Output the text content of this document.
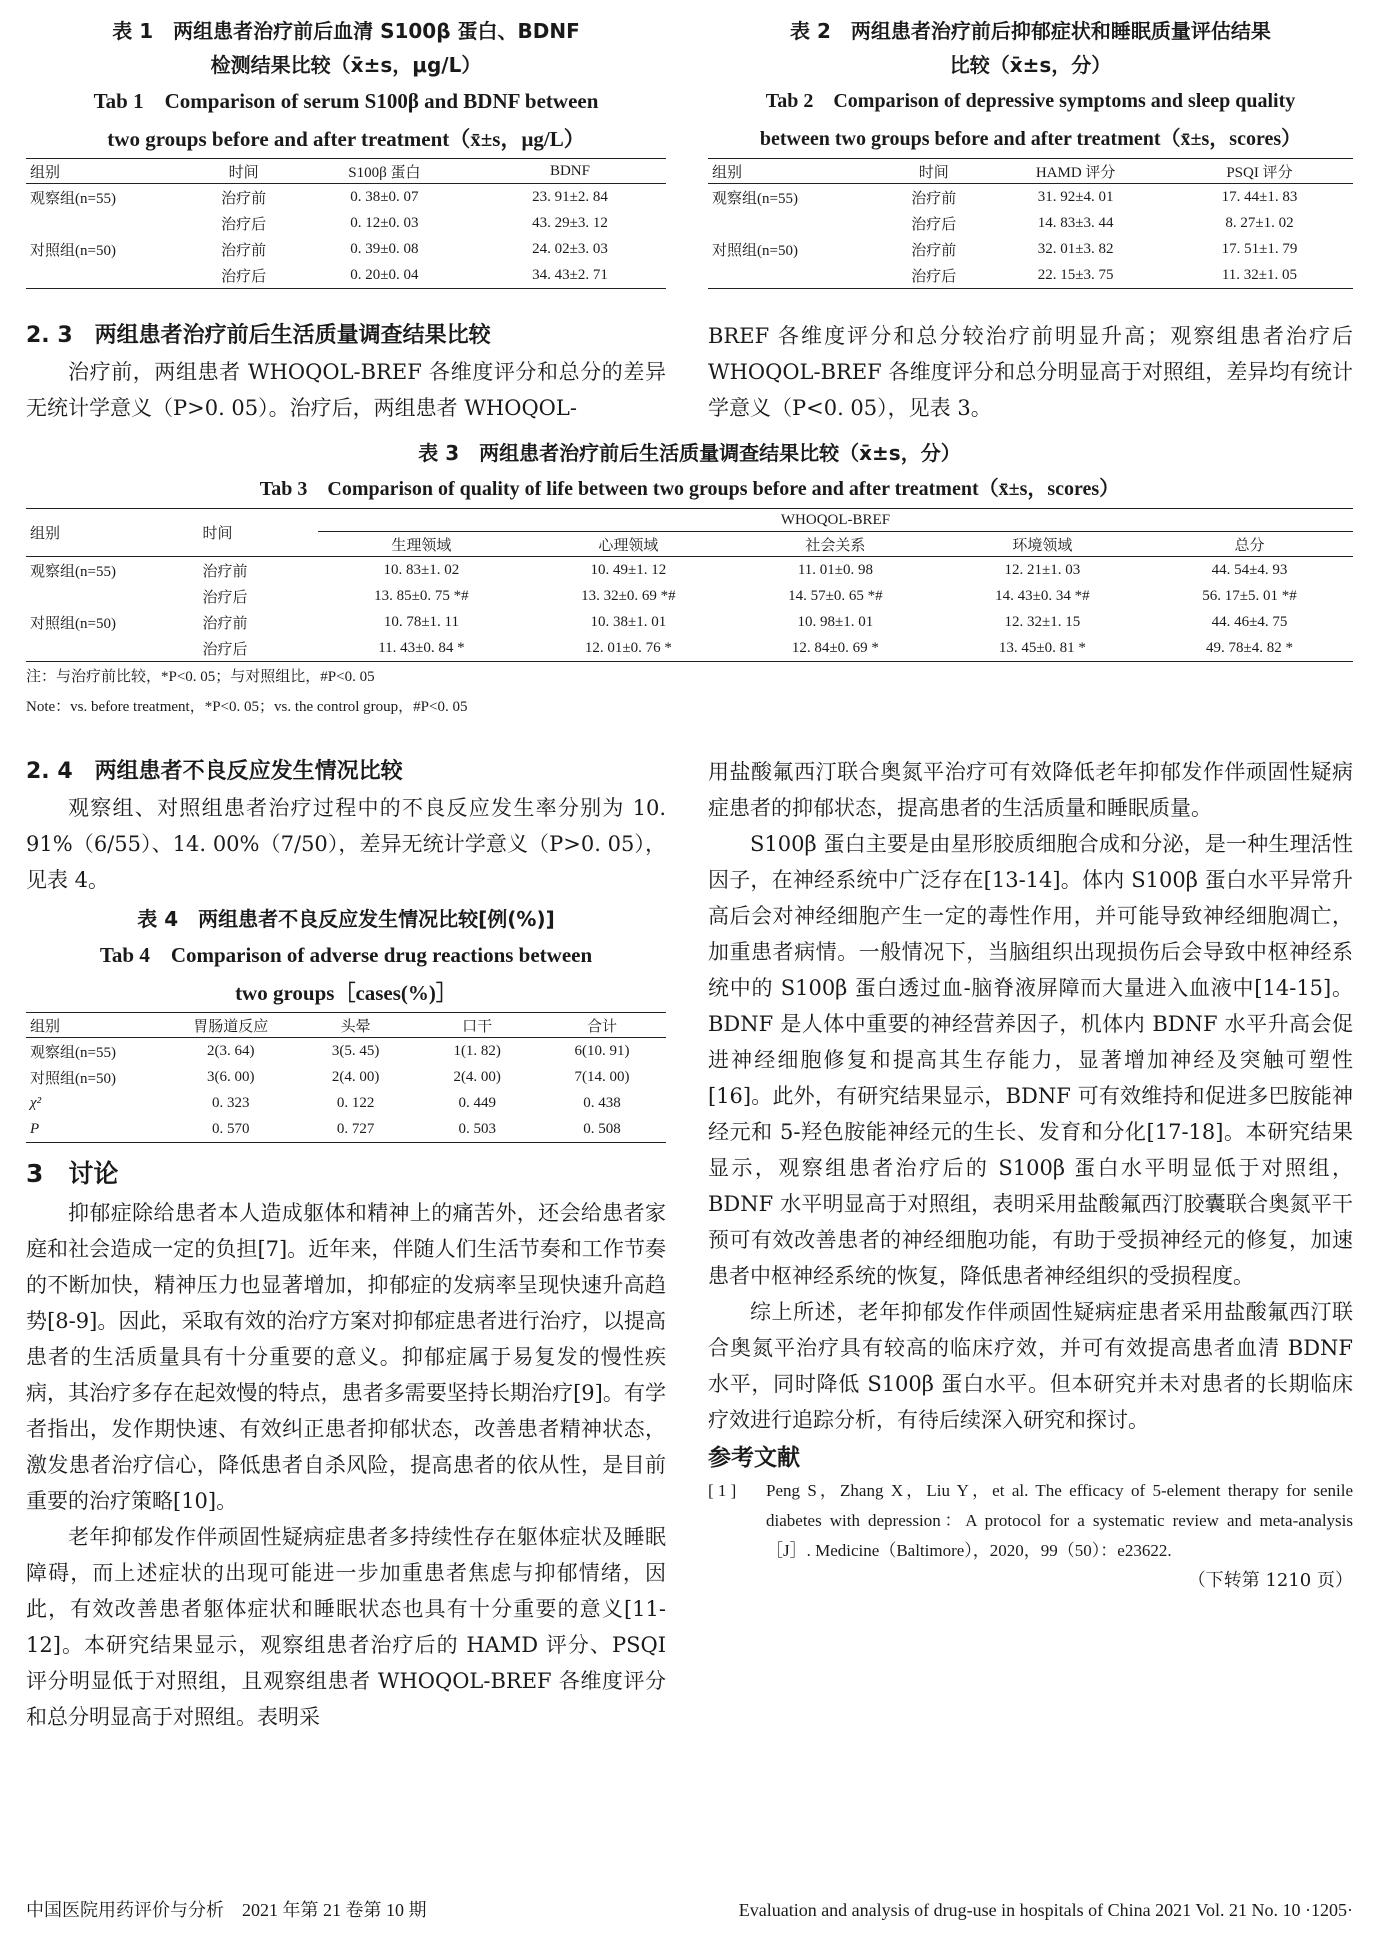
表 1　两组患者治疗前后血清 S100β 蛋白、BDNF
检测结果比较（x̄±s，μg/L）
Tab 1　Comparison of serum S100β and BDNF between
two groups before and after treatment（x̄±s，μg/L）
组别	时间	S100β 蛋白	BDNF
观察组(n=55)	治疗前	0. 38±0. 07	23. 91±2. 84
	治疗后	0. 12±0. 03	43. 29±3. 12
对照组(n=50)	治疗前	0. 39±0. 08	24. 02±3. 03
	治疗后	0. 20±0. 04	34. 43±2. 71
表 2　两组患者治疗前后抑郁症状和睡眠质量评估结果
比较（x̄±s，分）
Tab 2　Comparison of depressive symptoms and sleep quality
between two groups before and after treatment（x̄±s，scores）
组别	时间	HAMD 评分	PSQI 评分
观察组(n=55)	治疗前	31. 92±4. 01	17. 44±1. 83
	治疗后	14. 83±3. 44	8. 27±1. 02
对照组(n=50)	治疗前	32. 01±3. 82	17. 51±1. 79
	治疗后	22. 15±3. 75	11. 32±1. 05
2. 3　两组患者治疗前后生活质量调查结果比较

治疗前，两组患者 WHOQOL-BREF 各维度评分和总分的差异无统计学意义（P>0. 05）。治疗后，两组患者 WHOQOL-

BREF 各维度评分和总分较治疗前明显升高；观察组患者治疗后 WHOQOL-BREF 各维度评分和总分明显高于对照组，差异均有统计学意义（P<0. 05），见表 3。

表 3　两组患者治疗前后生活质量调查结果比较（x̄±s，分）
Tab 3　Comparison of quality of life between two groups before and after treatment（x̄±s，scores）
组别	时间	WHOQOL-BREF				
		生理领域	心理领域	社会关系	环境领域	总分
观察组(n=55)	治疗前	10. 83±1. 02	10. 49±1. 12	11. 01±0. 98	12. 21±1. 03	44. 54±4. 93
	治疗后	13. 85±0. 75 *#	13. 32±0. 69 *#	14. 57±0. 65 *#	14. 43±0. 34 *#	56. 17±5. 01 *#
对照组(n=50)	治疗前	10. 78±1. 11	10. 38±1. 01	10. 98±1. 01	12. 32±1. 15	44. 46±4. 75
	治疗后	11. 43±0. 84 *	12. 01±0. 76 *	12. 84±0. 69 *	13. 45±0. 81 *	49. 78±4. 82 *
注：与治疗前比较，*P<0. 05；与对照组比，#P<0. 05
Note：vs. before treatment，*P<0. 05；vs. the control group，#P<0. 05
2. 4　两组患者不良反应发生情况比较

观察组、对照组患者治疗过程中的不良反应发生率分别为 10. 91%（6/55）、14. 00%（7/50），差异无统计学意义（P>0. 05），见表 4。

表 4　两组患者不良反应发生情况比较[例(%)]
Tab 4　Comparison of adverse drug reactions between
two groups［cases(%)］
组别	胃肠道反应	头晕	口干	合计
观察组(n=55)	2(3. 64)	3(5. 45)	1(1. 82)	6(10. 91)
对照组(n=50)	3(6. 00)	2(4. 00)	2(4. 00)	7(14. 00)
χ²	0. 323	0. 122	0. 449	0. 438
P	0. 570	0. 727	0. 503	0. 508
3　讨论

抑郁症除给患者本人造成躯体和精神上的痛苦外，还会给患者家庭和社会造成一定的负担[7]。近年来，伴随人们生活节奏和工作节奏的不断加快，精神压力也显著增加，抑郁症的发病率呈现快速升高趋势[8-9]。因此，采取有效的治疗方案对抑郁症患者进行治疗，以提高患者的生活质量具有十分重要的意义。抑郁症属于易复发的慢性疾病，其治疗多存在起效慢的特点，患者多需要坚持长期治疗[9]。有学者指出，发作期快速、有效纠正患者抑郁状态，改善患者精神状态，激发患者治疗信心，降低患者自杀风险，提高患者的依从性，是目前重要的治疗策略[10]。

老年抑郁发作伴顽固性疑病症患者多持续性存在躯体症状及睡眠障碍，而上述症状的出现可能进一步加重患者焦虑与抑郁情绪，因此，有效改善患者躯体症状和睡眠状态也具有十分重要的意义[11-12]。本研究结果显示，观察组患者治疗后的 HAMD 评分、PSQI 评分明显低于对照组，且观察组患者 WHOQOL-BREF 各维度评分和总分明显高于对照组。表明采

用盐酸氟西汀联合奥氮平治疗可有效降低老年抑郁发作伴顽固性疑病症患者的抑郁状态，提高患者的生活质量和睡眠质量。

S100β 蛋白主要是由星形胶质细胞合成和分泌，是一种生理活性因子，在神经系统中广泛存在[13-14]。体内 S100β 蛋白水平异常升高后会对神经细胞产生一定的毒性作用，并可能导致神经细胞凋亡，加重患者病情。一般情况下，当脑组织出现损伤后会导致中枢神经系统中的 S100β 蛋白透过血-脑脊液屏障而大量进入血液中[14-15]。BDNF 是人体中重要的神经营养因子，机体内 BDNF 水平升高会促进神经细胞修复和提高其生存能力，显著增加神经及突触可塑性[16]。此外，有研究结果显示，BDNF 可有效维持和促进多巴胺能神经元和 5-羟色胺能神经元的生长、发育和分化[17-18]。本研究结果显示，观察组患者治疗后的 S100β 蛋白水平明显低于对照组，BDNF 水平明显高于对照组，表明采用盐酸氟西汀胶囊联合奥氮平干预可有效改善患者的神经细胞功能，有助于受损神经元的修复，加速患者中枢神经系统的恢复，降低患者神经组织的受损程度。

综上所述，老年抑郁发作伴顽固性疑病症患者采用盐酸氟西汀联合奥氮平治疗具有较高的临床疗效，并可有效提高患者血清 BDNF 水平，同时降低 S100β 蛋白水平。但本研究并未对患者的长期临床疗效进行追踪分析，有待后续深入研究和探讨。

参考文献
[ 1 ]	Peng S，Zhang X，Liu Y，et al. The efficacy of 5-element therapy for senile diabetes with depression：A protocol for a systematic review and meta-analysis［J］. Medicine（Baltimore），2020，99（50）：e23622.
（下转第 1210 页）
中国医院用药评价与分析　2021 年第 21 卷第 10 期	Evaluation and analysis of drug-use in hospitals of China 2021 Vol. 21 No. 10 ·1205·
